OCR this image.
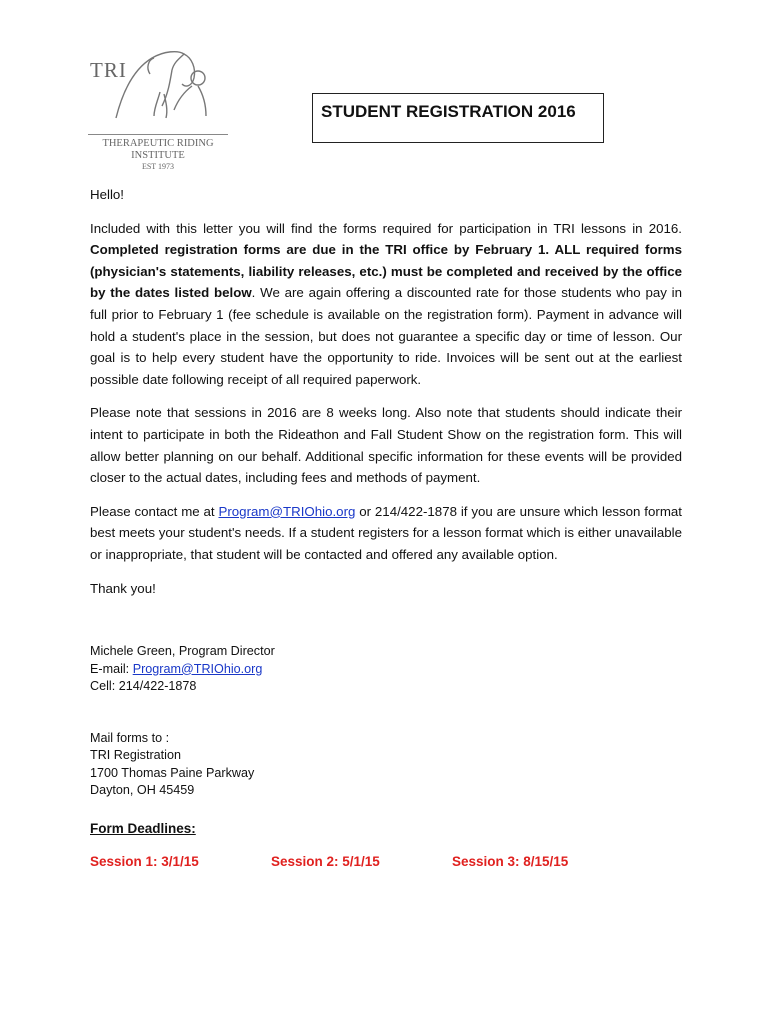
TRI
THERAPEUTIC RIDING
INSTITUTE
EST 1973
STUDENT REGISTRATION 2016

Hello!

Included with this letter you will find the forms required for participation in TRI lessons in 2016. Completed registration forms are due in the TRI office by February 1. ALL required forms (physician's statements, liability releases, etc.) must be completed and received by the office by the dates listed below. We are again offering a discounted rate for those students who pay in full prior to February 1 (fee schedule is available on the registration form). Payment in advance will hold a student's place in the session, but does not guarantee a specific day or time of lesson. Our goal is to help every student have the opportunity to ride. Invoices will be sent out at the earliest possible date following receipt of all required paperwork.

Please note that sessions in 2016 are 8 weeks long. Also note that students should indicate their intent to participate in both the Rideathon and Fall Student Show on the registration form. This will allow better planning on our behalf. Additional specific information for these events will be provided closer to the actual dates, including fees and methods of payment.

Please contact me at Program@TRIOhio.org or 214/422-1878 if you are unsure which lesson format best meets your student's needs. If a student registers for a lesson format which is either unavailable or inappropriate, that student will be contacted and offered any available option.

Thank you!

Michele Green, Program Director
E-mail: Program@TRIOhio.org
Cell: 214/422-1878
Mail forms to :
TRI Registration
1700 Thomas Paine Parkway
Dayton, OH 45459
Form Deadlines:
Session 1: 3/1/15	Session 2: 5/1/15	Session 3: 8/15/15
